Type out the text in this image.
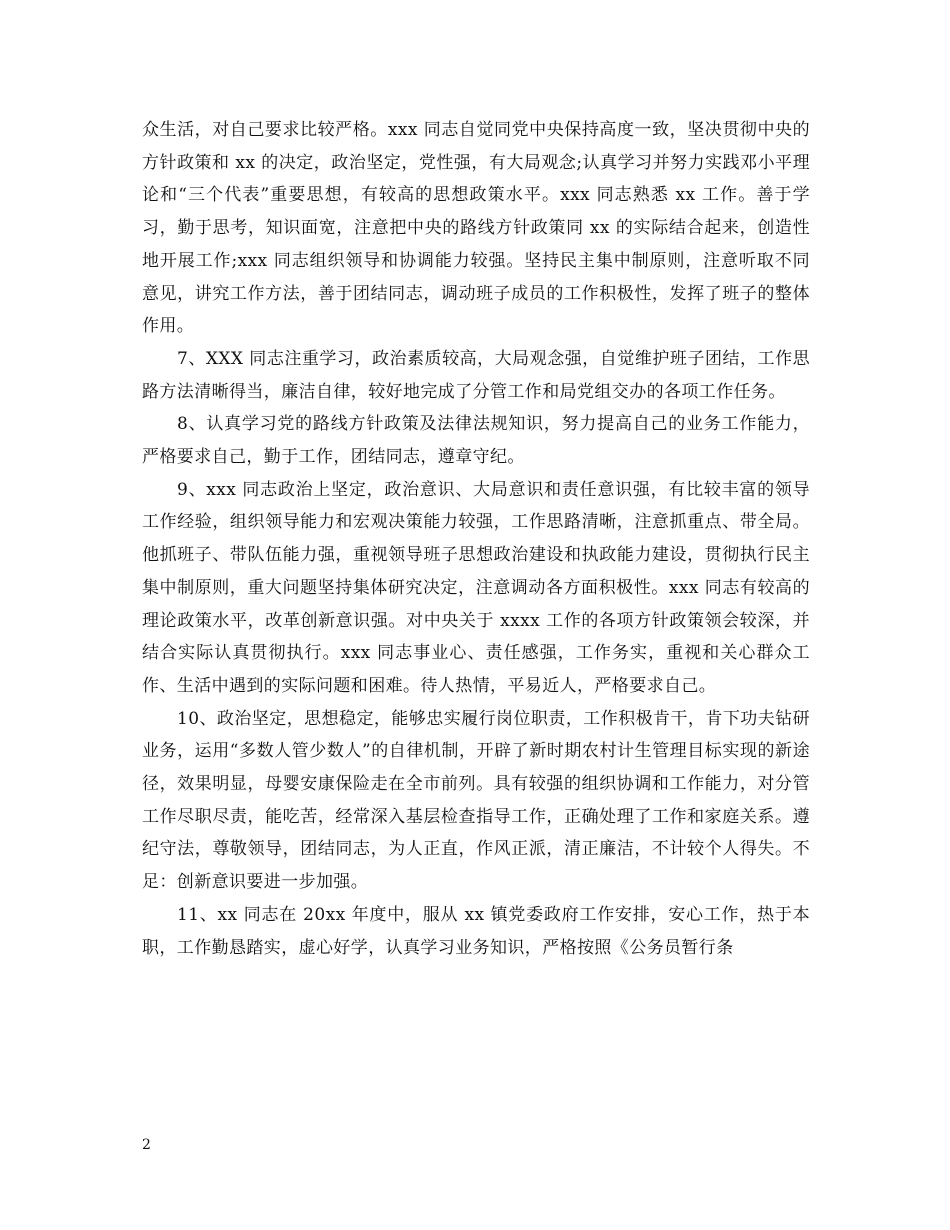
众生活，对自己要求比较严格。xxx 同志自觉同党中央保持高度一致，坚决贯彻中央的方针政策和 xx 的决定，政治坚定，党性强，有大局观念;认真学习并努力实践邓小平理论和“三个代表”重要思想，有较高的思想政策水平。xxx 同志熟悉 xx 工作。善于学习，勤于思考，知识面宽，注意把中央的路线方针政策同 xx 的实际结合起来，创造性地开展工作;xxx 同志组织领导和协调能力较强。坚持民主集中制原则，注意听取不同意见，讲究工作方法，善于团结同志，调动班子成员的工作积极性，发挥了班子的整体作用。

7、XXX 同志注重学习，政治素质较高，大局观念强，自觉维护班子团结，工作思路方法清晰得当，廉洁自律，较好地完成了分管工作和局党组交办的各项工作任务。

8、认真学习党的路线方针政策及法律法规知识，努力提高自己的业务工作能力，严格要求自己，勤于工作，团结同志，遵章守纪。

9、xxx 同志政治上坚定，政治意识、大局意识和责任意识强，有比较丰富的领导工作经验，组织领导能力和宏观决策能力较强，工作思路清晰，注意抓重点、带全局。他抓班子、带队伍能力强，重视领导班子思想政治建设和执政能力建设，贯彻执行民主集中制原则，重大问题坚持集体研究决定，注意调动各方面积极性。xxx 同志有较高的理论政策水平，改革创新意识强。对中央关于 xxxx 工作的各项方针政策领会较深，并结合实际认真贯彻执行。xxx 同志事业心、责任感强，工作务实，重视和关心群众工作、生活中遇到的实际问题和困难。待人热情，平易近人，严格要求自己。

10、政治坚定，思想稳定，能够忠实履行岗位职责，工作积极肯干，肯下功夫钻研业务，运用“多数人管少数人”的自律机制，开辟了新时期农村计生管理目标实现的新途径，效果明显，母婴安康保险走在全市前列。具有较强的组织协调和工作能力，对分管工作尽职尽责，能吃苦，经常深入基层检查指导工作，正确处理了工作和家庭关系。遵纪守法，尊敬领导，团结同志，为人正直，作风正派，清正廉洁，不计较个人得失。不足：创新意识要进一步加强。

11、xx 同志在 20xx 年度中，服从 xx 镇党委政府工作安排，安心工作，热于本职，工作勤恳踏实，虚心好学，认真学习业务知识，严格按照《公务员暂行条

2
